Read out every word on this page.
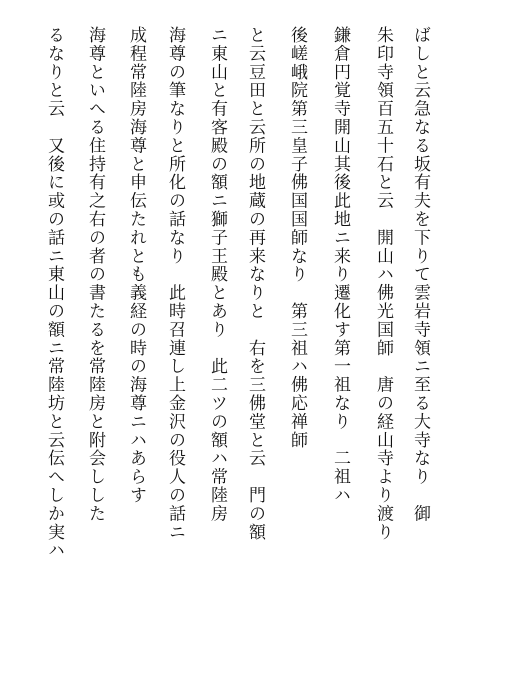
ばしと云急なる坂有夫を下りて雲岩寺領ニ至る大寺なり　御
朱印寺領百五十石と云　開山ハ佛光国師　唐の経山寺より渡り
鎌倉円覚寺開山其後此地ニ来り遷化す第一祖なり　二祖ハ
後嵯峨院第三皇子佛国国師なり　第三祖ハ佛応禅師
と云豆田と云所の地蔵の再来なりと　右を三佛堂と云　門の額
ニ東山と有客殿の額ニ獅子王殿とあり　此二ツの額ハ常陸房
海尊の筆なりと所化の話なり　此時召連し上金沢の役人の話ニ
成程常陸房海尊と申伝たれとも義経の時の海尊ニハあらす
海尊といへる住持有之右の者の書たるを常陸房と附会しした
るなりと云　又後に或の話ニ東山の額ニ常陸坊と云伝へしか実ハ
